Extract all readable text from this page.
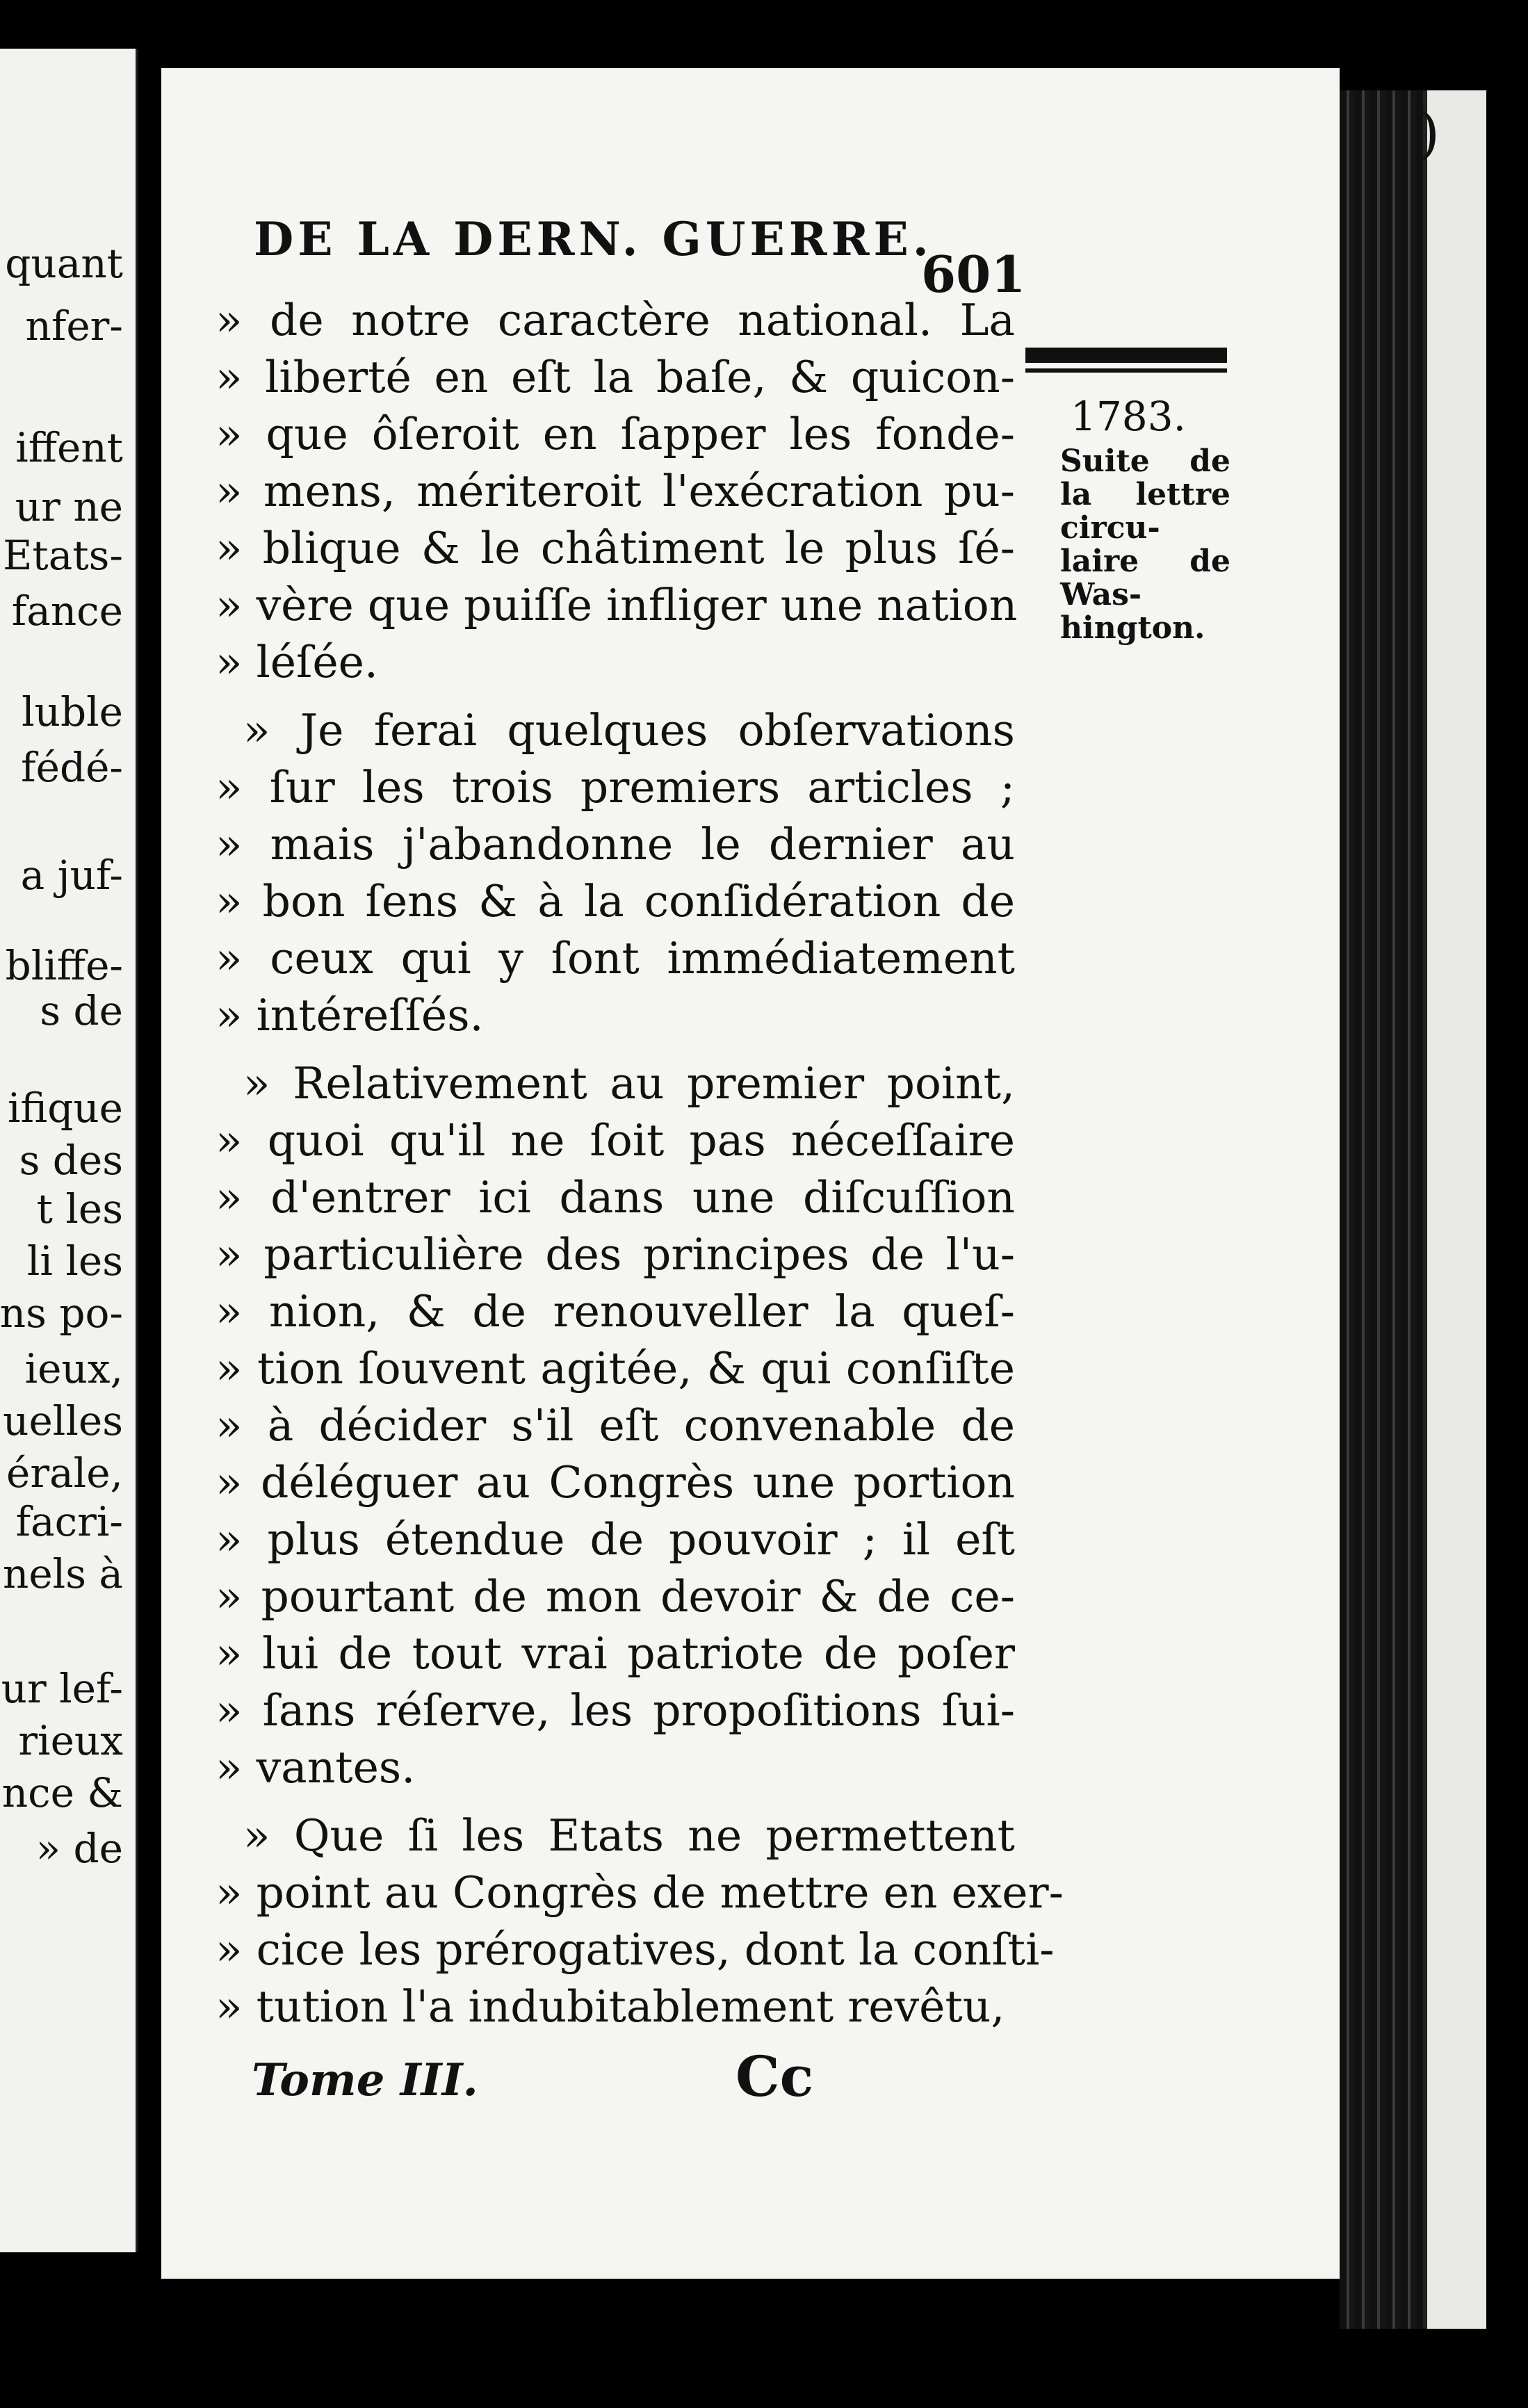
quant
nfer-
iffent
ur ne
Etats-
fance
luble
fédé-
a juf-
bliffe-
s de
ifique
s des
t les
li les
ns po-
ieux,
uelles
érale,
facri-
nels à
ur lef-
rieux
nce &
» de
)
DE LA DERN. GUERRE.
601
» de notre caractère national. La
» liberté en eſt la baſe, & quicon-
» que ôſeroit en ſapper les fonde-
» mens, mériteroit l'exécration pu-
» blique & le châtiment le plus ſé-
» vère que puiſſe infliger une nation
» léſée.
» Je ferai quelques obſervations
» ſur les trois premiers articles ;
» mais j'abandonne le dernier au
» bon ſens & à la conſidération de
» ceux qui y ſont immédiatement
» intéreſſés.
» Relativement au premier point,
» quoi qu'il ne ſoit pas néceſſaire
» d'entrer ici dans une diſcuſſion
» particulière des principes de l'u-
» nion, & de renouveller la queſ-
» tion ſouvent agitée, & qui conſiſte
» à décider s'il eſt convenable de
» déléguer au Congrès une portion
» plus étendue de pouvoir ; il eſt
» pourtant de mon devoir & de ce-
» lui de tout vrai patriote de poſer
» ſans réſerve, les propoſitions ſui-
» vantes.
» Que ſi les Etats ne permettent
» point au Congrès de mettre en exer-
» cice les prérogatives, dont la conſti-
» tution l'a indubitablement revêtu,
1783.
Suite de la lettre circu-laire de Was-hington.
Tome III.	Cc
